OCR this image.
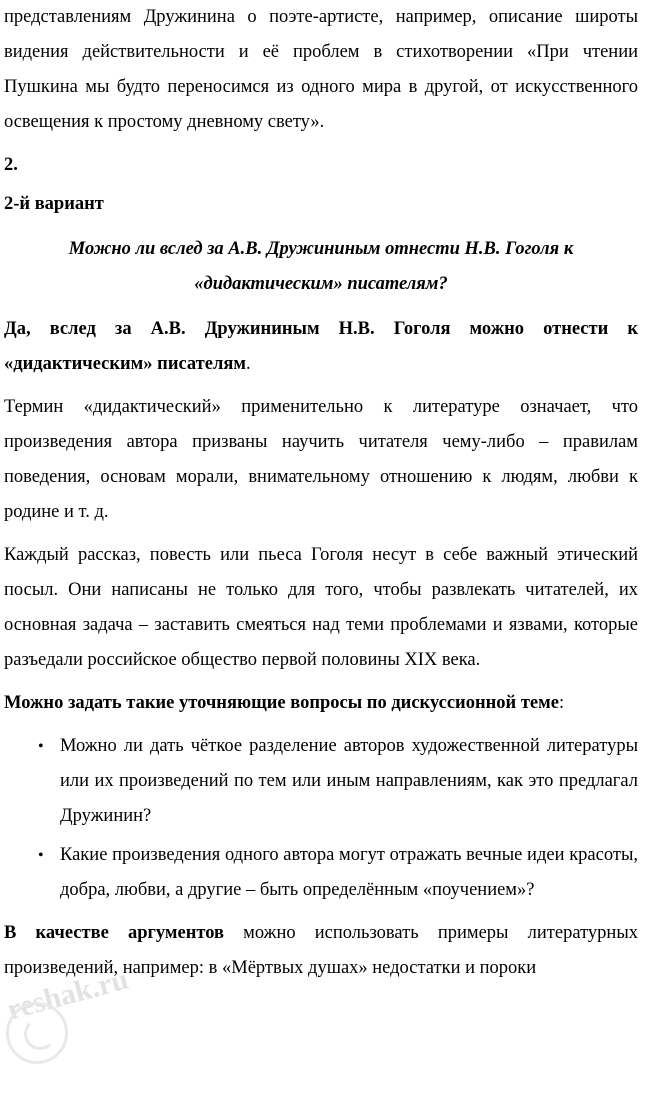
представлениям Дружинина о поэте-артисте, например, описание широты видения действительности и её проблем в стихотворении «При чтении Пушкина мы будто переносимся из одного мира в другой, от искусственного освещения к простому дневному свету».

2.
2-й вариант

Можно ли вслед за А.В. Дружининым отнести Н.В. Гоголя к «дидактическим» писателям?

Да, вслед за А.В. Дружининым Н.В. Гоголя можно отнести к «дидактическим» писателям.

Термин «дидактический» применительно к литературе означает, что произведения автора призваны научить читателя чему-либо – правилам поведения, основам морали, внимательному отношению к людям, любви к родине и т. д.

Каждый рассказ, повесть или пьеса Гоголя несут в себе важный этический посыл. Они написаны не только для того, чтобы развлекать читателей, их основная задача – заставить смеяться над теми проблемами и язвами, которые разъедали российское общество первой половины XIX века.

Можно задать такие уточняющие вопросы по дискуссионной теме:

• Можно ли дать чёткое разделение авторов художественной литературы или их произведений по тем или иным направлениям, как это предлагал Дружинин?
• Какие произведения одного автора могут отражать вечные идеи красоты, добра, любви, а другие – быть определённым «поучением»?

В качестве аргументов можно использовать примеры литературных произведений, например: в «Мёртвых душах» недостатки и пороки

reshak.ru
